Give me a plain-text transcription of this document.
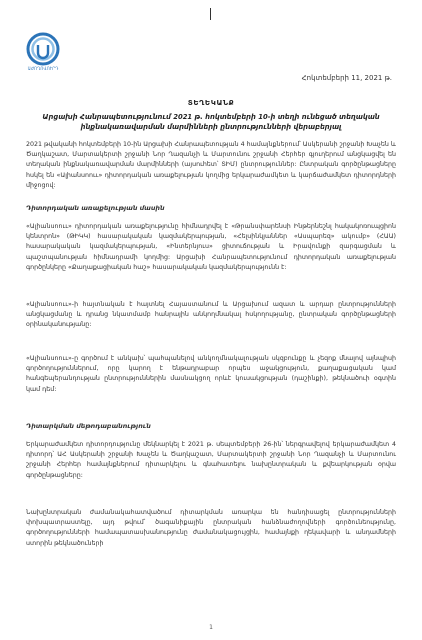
ԱԺՈՂՈՎՈՒՐԴ
Հոկտեմբերի 11, 2021 թ.
ՏԵՂԵԿԱՆՔ
Արցախի Հանրապետությունում 2021 թ. հոկտեմբերի 10-ի տեղի ունեցած տեղական ինքնակառավարման մարմինների ընտրությունների վերաբերյալ
2021 թվականի հոկտեմբերի 10-ին Արցախի Հանրապետության 4 համայնքներում՝ Ասկերանի շրջանի Խաչեն և Ծաղկաշատ, Մարտակերտի շրջանի Նոր Ղազանչի և Մարտունու շրջանի Հերհեր գյուղերում անցկացվել են տեղական ինքնակառավարման մարմինների (այսուհետ՝ ՏԻՄ) ընտրություններ: Ընտրական գործընթացները հսկել են «Ալիանսոոււ» դիտորդական առաքելության կողմից երկարաժամկետ և կարճաժամկետ դիտորդների միջոցով:
Դիտորդական առաքելության մասին
«Ալիանսոոււ» դիտորդական առաքելությունը հիմնադրվել է «Թրանսփարենսի Ինթերնեշնլ հակակոռուպցիոն կենտրոն» (ԹԻԿԿ) հասարակական կազմակերպության, «Հելսինկյաններ «Ասպարեզ» ակումբ» (ՀԱԱ) հասարակական կազմակերպության, «Ինտերնյուս» ցիտուճության և Իրավունքի զարգացման և պաշտպանության հիմնադրամի կողմից: Արցախի Հանրապետությունում դիտորդական առաքելության գործընկերը «Քաղաքացիական հաշ» հասարակական կազմակերպությունն է:
«Ալիանսոոււ»-ի հայտնական է հայտնել Հայաստանում և Արցախում ազատ և արդար ընտրությունների անցկացմանը և դրանց նկատմամբ հանրային անկողմնակալ հսկողությանը, ընտրական գործընթացների օրինականությանը:
«Ալիանսոոււ»-ը գործում է անկախ՝ պահպանելով անկողմնակալության սկզբունքը և չեզոք մնալով այնպիսի գործողություններում, որը կարող է ենթադրաբար որպես աջակցություն, քաղաքացական կամ հանգեպերանդության ընտրություններին մասնակցող որևէ կուսակցության (դաշինքի), թեկնածուի օգտին կամ դեմ:
Դիտարկման մեթոդաբանություն
Երկարաժամկետ դիտորդությունը մեկնարկել է 2021 թ. սեպտեմբերի 26-ին՝ ներգրավելով երկարաժամկետ 4 դիտորդ՝ ԱՀ Ասկերանի շրջանի Խաչեն և Ծաղկաշատ, Մարտակերտի շրջանի Նոր Ղազանչի և Մարտունու շրջանի Հերհեր համայնքներում դիտարկելու և գնահատելու նախընտրական և քվեարկության օրվա գործընթացները:
Նախընտրական ժամանակահատվածում դիտարկման առարկա են հանդիսացել ընտրությունների փոխպատրաստելը, այդ թվում՝ ծագանիքային ընտրական հանձնաժողովների գործունեությունը, գործողությունների համապատասխանությունը ժամանակացույցին, համայնքի ղեկավարի և անդամների ստորին թեկնածուների
1
